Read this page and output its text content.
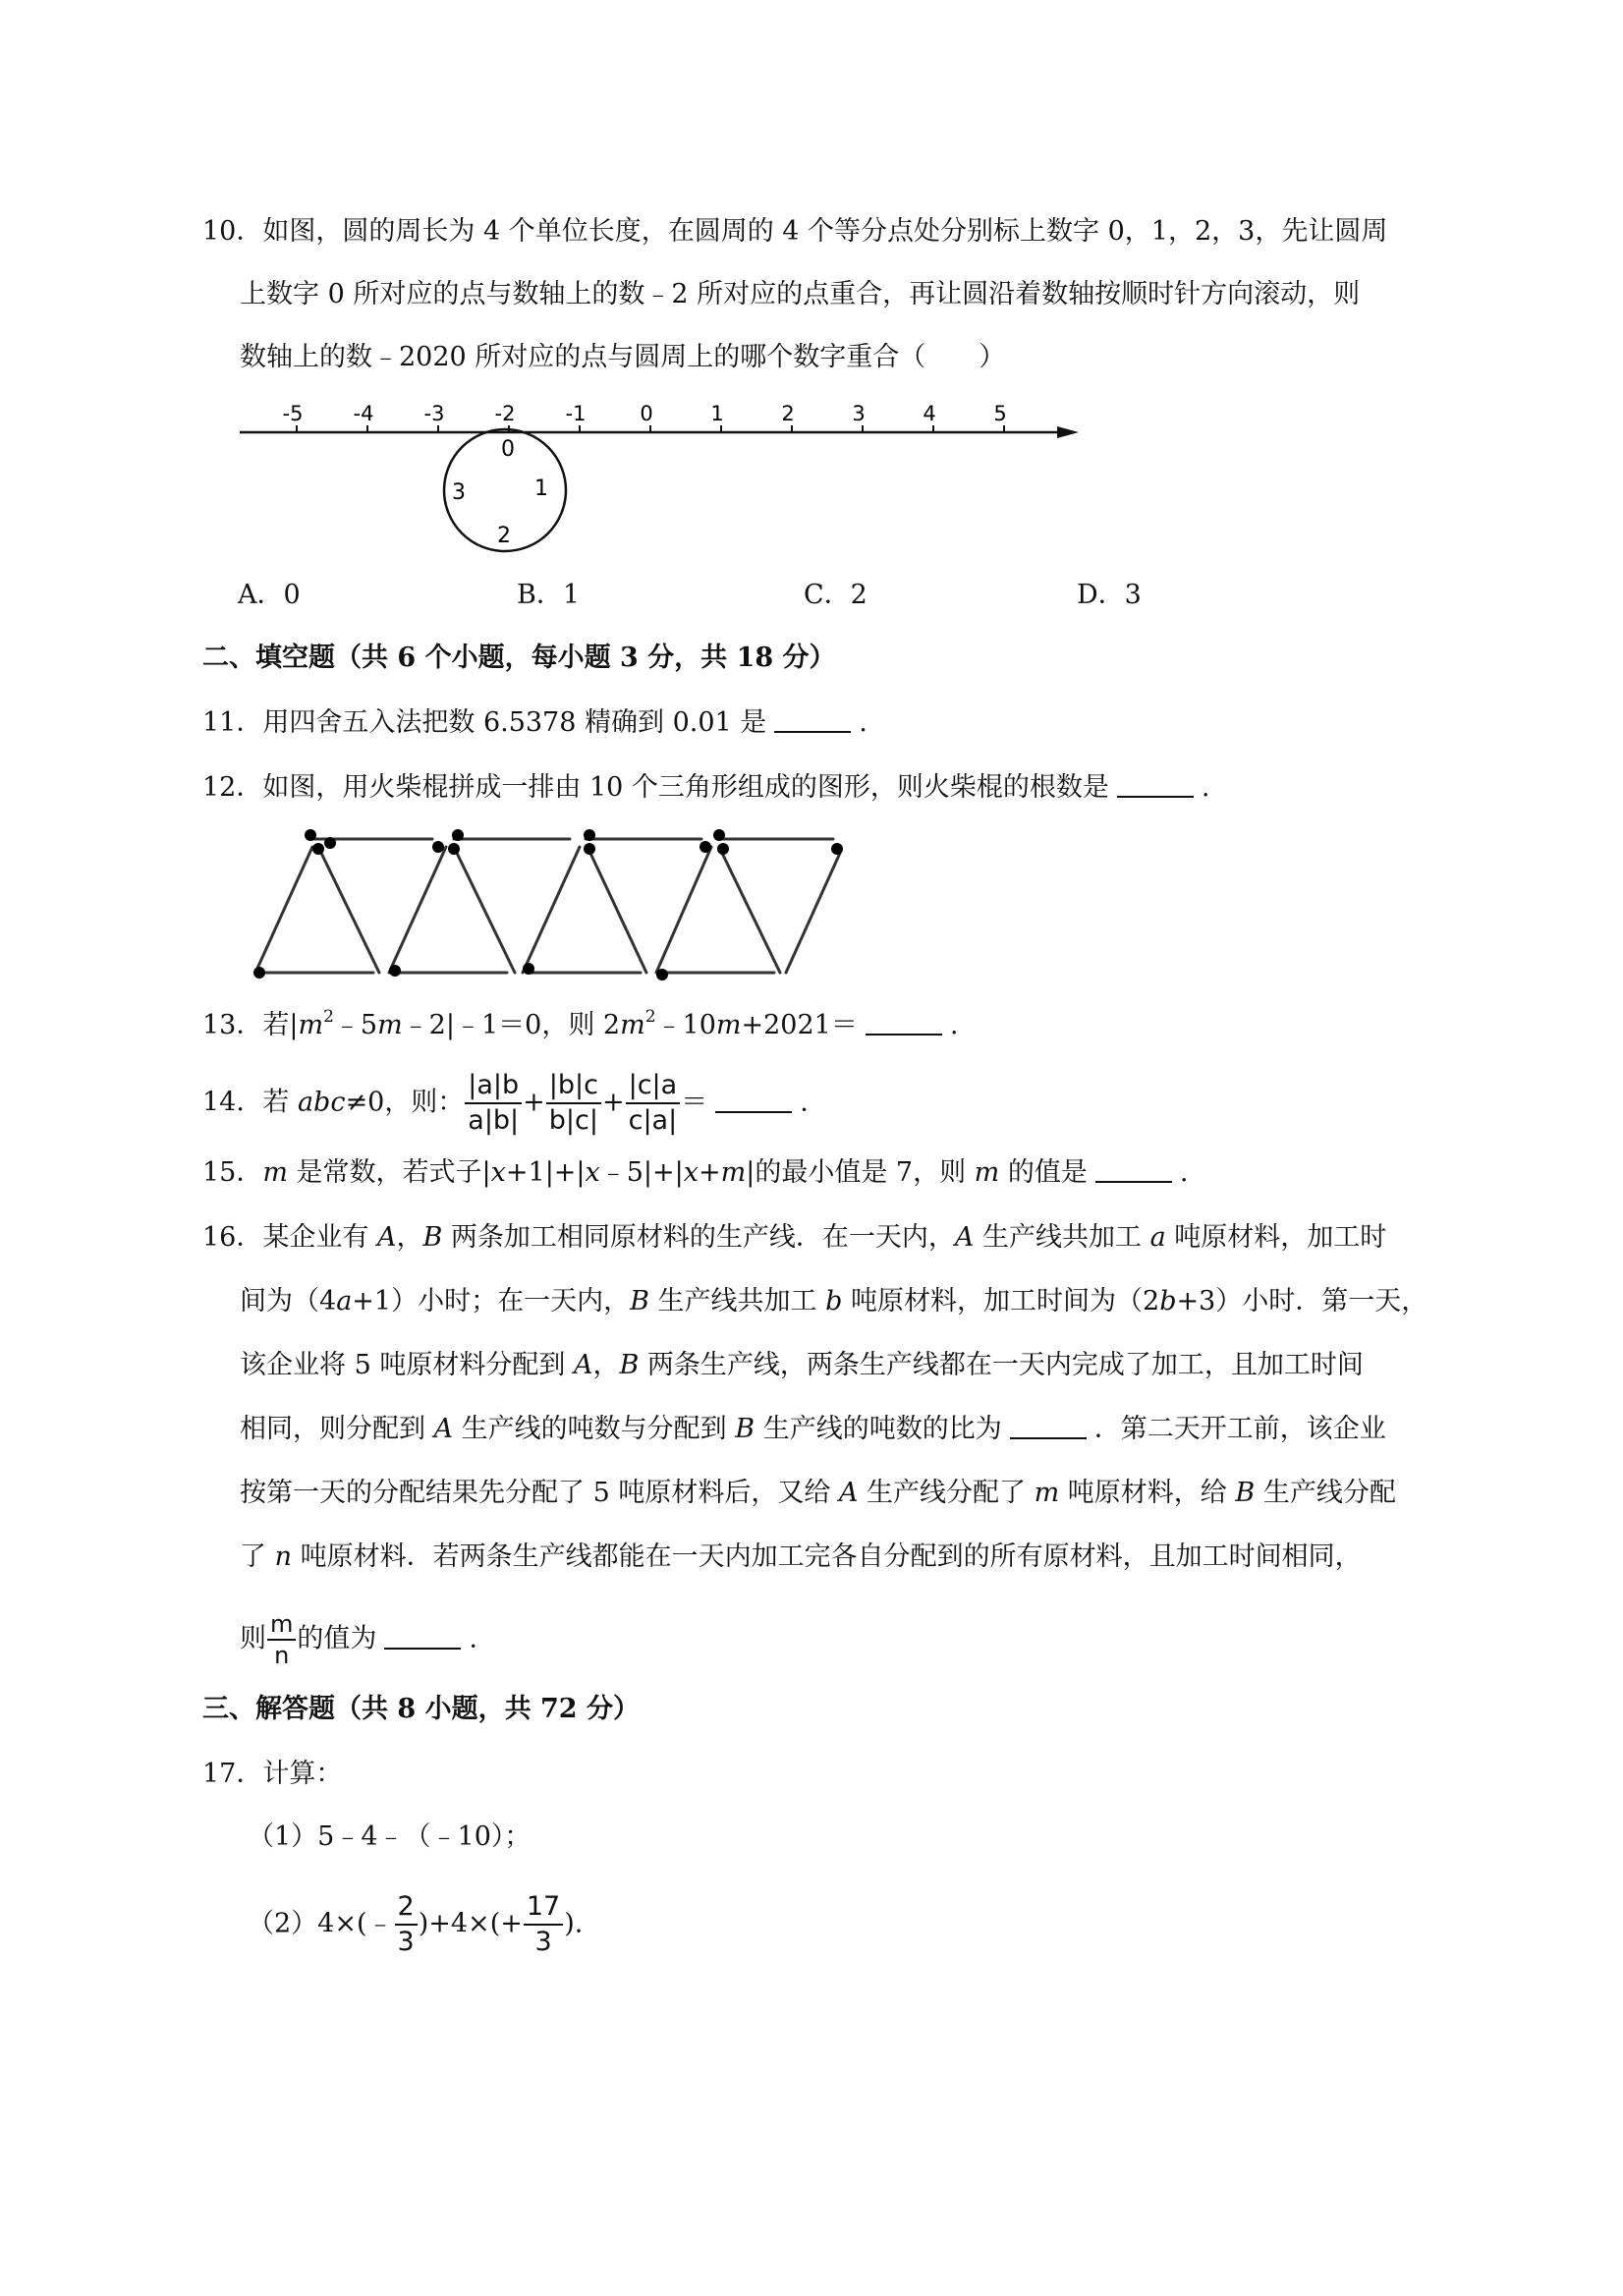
10．如图，圆的周长为 4 个单位长度，在圆周的 4 个等分点处分别标上数字 0，1，2，3，先让圆周
上数字 0 所对应的点与数轴上的数﹣2 所对应的点重合，再让圆沿着数轴按顺时针方向滚动，则
数轴上的数﹣2020 所对应的点与圆周上的哪个数字重合（　　）
-5 -4 -3 -2 -1	0	1	2	3	4	5
0
1
2
3
A．0	B．1	C．2	D．3
二、填空题（共 6 个小题，每小题 3 分，共 18 分）
11．用四舍五入法把数 6.5378 精确到 0.01 是	.
12．如图，用火柴棍拼成一排由 10 个三角形组成的图形，则火柴棍的根数是	.
13．若$|m^2﹣5m﹣2|﹣1=0$，则 $2m^2﹣10m+2021=$	.
14．若 abc≠0，则： $\frac{|a|b}{a|b|} + \frac{|b|c}{b|c|} + \frac{|c|a}{c|a|}$ ＝	.
15．m 是常数，若式子|x+1|+|x﹣5|+|x+m|的最小值是 7，则 m 的值是	.
16．某企业有 A，B 两条加工相同原材料的生产线．在一天内，A 生产线共加工 a 吨原材料，加工时
间为（4a+1）小时；在一天内，B 生产线共加工 b 吨原材料，加工时间为（2b+3）小时．第一天，
该企业将 5 吨原材料分配到 A，B 两条生产线，两条生产线都在一天内完成了加工，且加工时间
相同，则分配到 A 生产线的吨数与分配到 B 生产线的吨数的比为	．第二天开工前，该企业
按第一天的分配结果先分配了 5 吨原材料后，又给 A 生产线分配了 m 吨原材料，给 B 生产线分配
了 n 吨原材料．若两条生产线都能在一天内加工完各自分配到的所有原材料，且加工时间相同，
则 $\frac{m}{n}$ 的值为	.
三、解答题（共 8 小题，共 72 分）
17．计算：
（1）5﹣4﹣（﹣10）；
（2）4×(﹣ $\frac{2}{3} )+4\times(+ \frac{17}{3}$ ).
